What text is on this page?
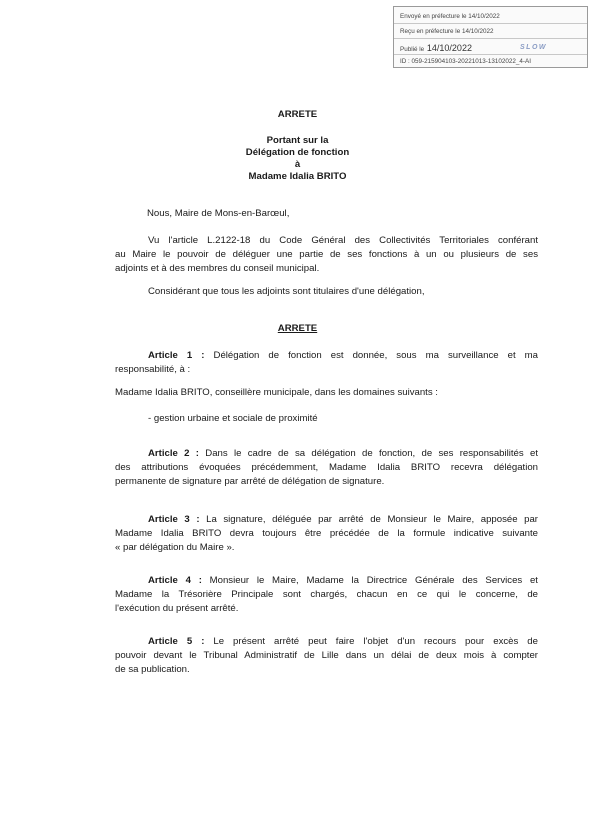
Envoyé en préfecture le 14/10/2022
Reçu en préfecture le 14/10/2022
Publié le 14/10/2022	SLOW
ID : 059-215904103-20221013-13102022_4-AI
ARRETE
Portant sur la
Délégation de fonction
à
Madame Idalia BRITO
Nous, Maire de Mons-en-Barœul,
Vu l'article L.2122-18 du Code Général des Collectivités Territoriales conférant
au Maire le pouvoir de déléguer une partie de ses fonctions à un ou plusieurs de ses
adjoints et à des membres du conseil municipal.
Considérant que tous les adjoints sont titulaires d'une délégation,
ARRETE
Article 1 : Délégation de fonction est donnée, sous ma surveillance et ma
responsabilité, à :
Madame Idalia BRITO, conseillère municipale, dans les domaines suivants :
- gestion urbaine et sociale de proximité
Article 2 : Dans le cadre de sa délégation de fonction, de ses responsabilités et
des attributions évoquées précédemment, Madame Idalia BRITO recevra délégation
permanente de signature par arrêté de délégation de signature.
Article 3 : La signature, déléguée par arrêté de Monsieur le Maire, apposée par
Madame Idalia BRITO devra toujours être précédée de la formule indicative suivante
« par délégation du Maire ».
Article 4 : Monsieur le Maire, Madame la Directrice Générale des Services et
Madame la Trésorière Principale sont chargés, chacun en ce qui le concerne, de
l'exécution du présent arrêté.
Article 5 : Le présent arrêté peut faire l'objet d'un recours pour excès de
pouvoir devant le Tribunal Administratif de Lille dans un délai de deux mois à compter
de sa publication.
